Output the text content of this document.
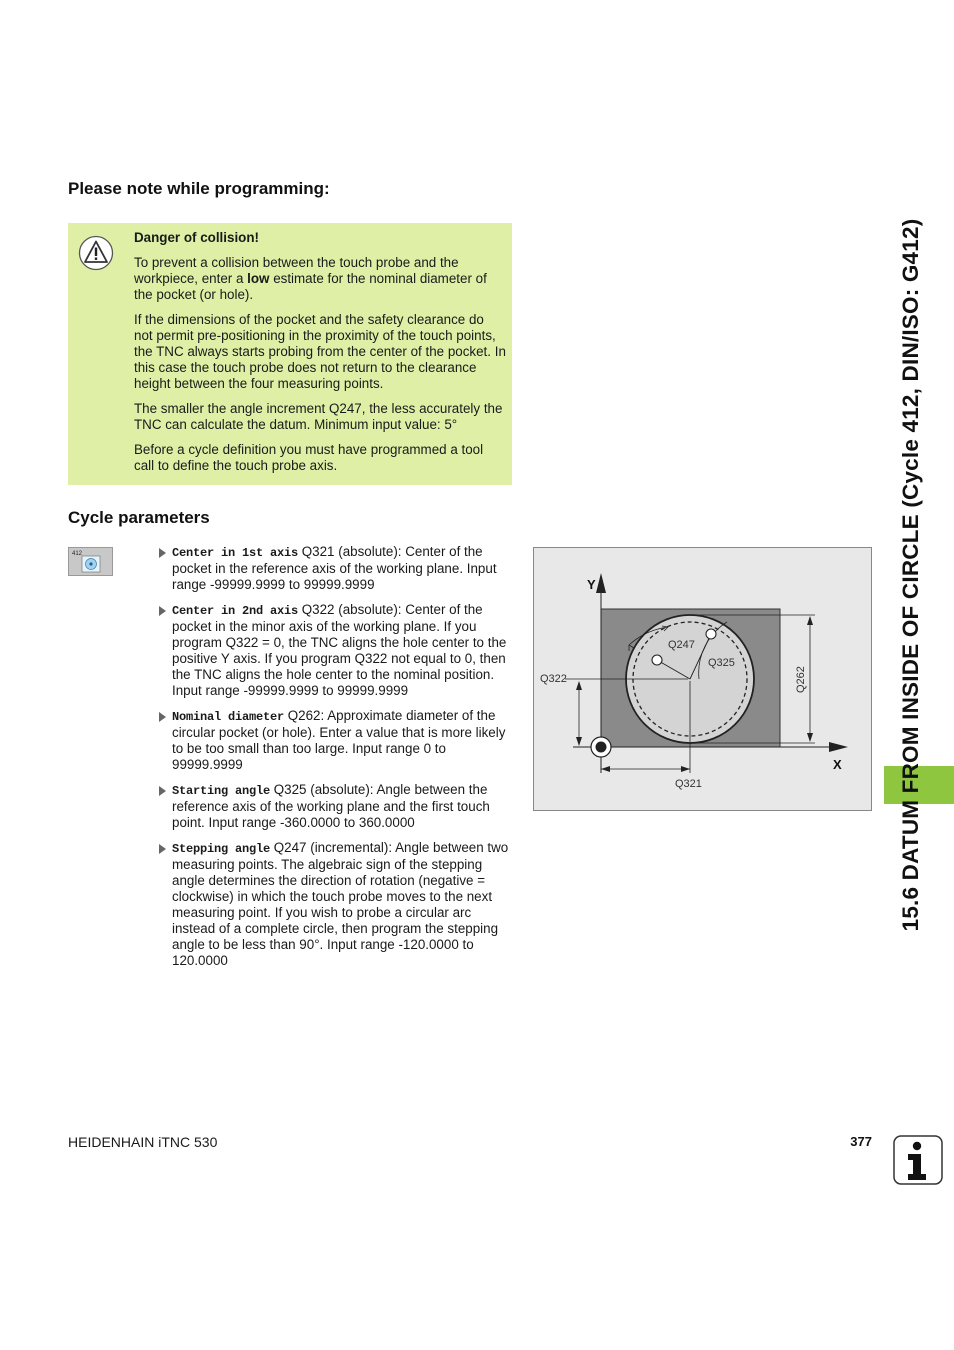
Please note while programming:

Danger of collision!

To prevent a collision between the touch probe and the workpiece, enter a low estimate for the nominal diameter of the pocket (or hole).

If the dimensions of the pocket and the safety clearance do not permit pre-positioning in the proximity of the touch points, the TNC always starts probing from the center of the pocket. In this case the touch probe does not return to the clearance height between the four measuring points.

The smaller the angle increment Q247, the less accurately the TNC can calculate the datum. Minimum input value: 5°

Before a cycle definition you must have programmed a tool call to define the touch probe axis.

Cycle parameters
412	Center in 1st axis Q321 (absolute): Center of the pocket in the reference axis of the working plane. Input range -99999.9999 to 99999.9999
Center in 2nd axis Q322 (absolute): Center of the pocket in the minor axis of the working plane. If you program Q322 = 0, the TNC aligns the hole center to the positive Y axis. If you program Q322 not equal to 0, then the TNC aligns the hole center to the nominal position. Input range -99999.9999 to 99999.9999
Nominal diameter Q262: Approximate diameter of the circular pocket (or hole). Enter a value that is more likely to be too small than too large. Input range 0 to 99999.9999
Starting angle Q325 (absolute): Angle between the reference axis of the working plane and the first touch point. Input range -360.0000 to 360.0000
Stepping angle Q247 (incremental): Angle between two measuring points. The algebraic sign of the stepping angle determines the direction of rotation (negative = clockwise) in which the touch probe moves to the next measuring point. If you wish to probe a circular arc instead of a complete circle, then program the stepping angle to be less than 90°. Input range -120.0000 to 120.0000
Y
X
Q322
Q321
Q262
Q247
Q325	15.6 DATUM FROM INSIDE OF CIRCLE (Cycle 412, DIN/ISO: G412)
HEIDENHAIN iTNC 530	377
